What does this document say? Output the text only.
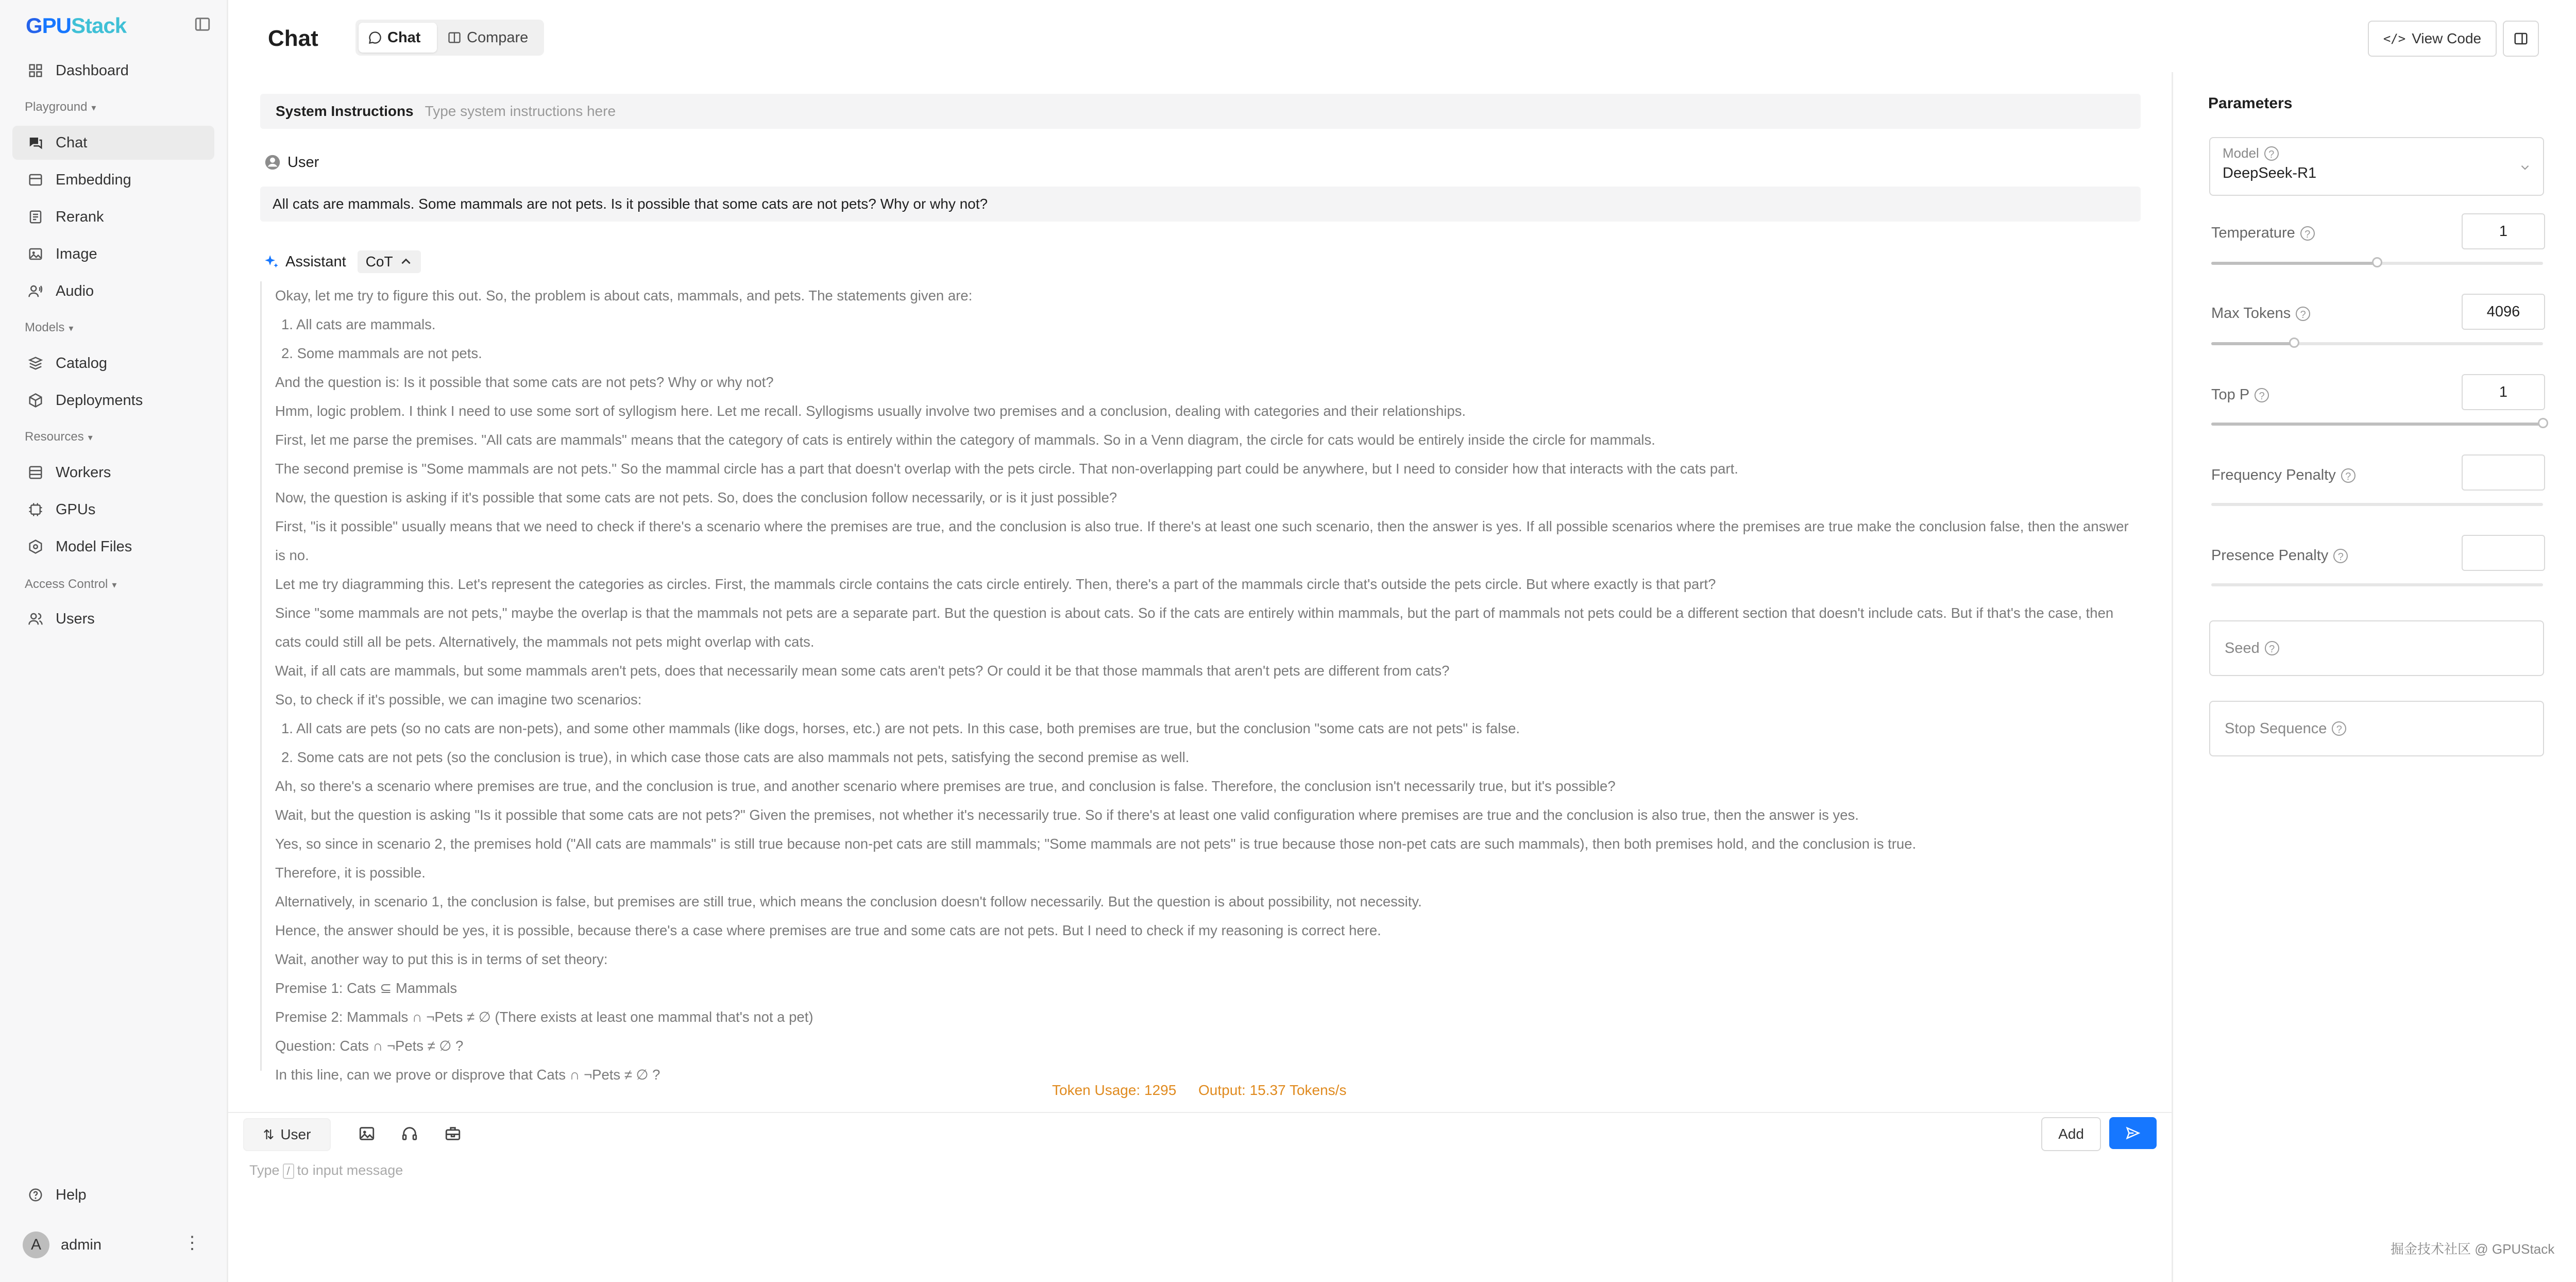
GPUStack
Dashboard
Playground ▾
Chat
Embedding
Rerank
Image
Audio
Models ▾
Catalog
Deployments
Resources ▾
Workers
GPUs
Model Files
Access Control ▾
Users
Help
A	admin	⋮
Chat	Chat	Compare	</> View Code
System Instructions Type system instructions here
User
All cats are mammals. Some mammals are not pets. Is it possible that some cats are not pets? Why or why not?
Assistant CoT

Okay, let me try to figure this out. So, the problem is about cats, mammals, and pets. The statements given are:

1. All cats are mammals.

2. Some mammals are not pets.

And the question is: Is it possible that some cats are not pets? Why or why not?

Hmm, logic problem. I think I need to use some sort of syllogism here. Let me recall. Syllogisms usually involve two premises and a conclusion, dealing with categories and their relationships.

First, let me parse the premises. "All cats are mammals" means that the category of cats is entirely within the category of mammals. So in a Venn diagram, the circle for cats would be entirely inside the circle for mammals.

The second premise is "Some mammals are not pets." So the mammal circle has a part that doesn't overlap with the pets circle. That non-overlapping part could be anywhere, but I need to consider how that interacts with the cats part.

Now, the question is asking if it's possible that some cats are not pets. So, does the conclusion follow necessarily, or is it just possible?

First, "is it possible" usually means that we need to check if there's a scenario where the premises are true, and the conclusion is also true. If there's at least one such scenario, then the answer is yes. If all possible scenarios where the premises are true make the conclusion false, then the answer is no.

Let me try diagramming this. Let's represent the categories as circles. First, the mammals circle contains the cats circle entirely. Then, there's a part of the mammals circle that's outside the pets circle. But where exactly is that part?

Since "some mammals are not pets," maybe the overlap is that the mammals not pets are a separate part. But the question is about cats. So if the cats are entirely within mammals, but the part of mammals not pets could be a different section that doesn't include cats. But if that's the case, then cats could still all be pets. Alternatively, the mammals not pets might overlap with cats.

Wait, if all cats are mammals, but some mammals aren't pets, does that necessarily mean some cats aren't pets? Or could it be that those mammals that aren't pets are different from cats?

So, to check if it's possible, we can imagine two scenarios:

1. All cats are pets (so no cats are non-pets), and some other mammals (like dogs, horses, etc.) are not pets. In this case, both premises are true, but the conclusion "some cats are not pets" is false.

2. Some cats are not pets (so the conclusion is true), in which case those cats are also mammals not pets, satisfying the second premise as well.

Ah, so there's a scenario where premises are true, and the conclusion is true, and another scenario where premises are true, and conclusion is false. Therefore, the conclusion isn't necessarily true, but it's possible?

Wait, but the question is asking "Is it possible that some cats are not pets?" Given the premises, not whether it's necessarily true. So if there's at least one valid configuration where premises are true and the conclusion is also true, then the answer is yes.

Yes, so since in scenario 2, the premises hold ("All cats are mammals" is still true because non-pet cats are still mammals; "Some mammals are not pets" is true because those non-pet cats are such mammals), then both premises hold, and the conclusion is true.

Therefore, it is possible.

Alternatively, in scenario 1, the conclusion is false, but premises are still true, which means the conclusion doesn't follow necessarily. But the question is about possibility, not necessity.

Hence, the answer should be yes, it is possible, because there's a case where premises are true and some cats are not pets. But I need to check if my reasoning is correct here.

Wait, another way to put this is in terms of set theory:

Premise 1: Cats ⊆ Mammals

Premise 2: Mammals ∩ ¬Pets ≠ ∅ (There exists at least one mammal that's not a pet)

Question: Cats ∩ ¬Pets ≠ ∅ ?

In this line, can we prove or disprove that Cats ∩ ¬Pets ≠ ∅ ?

Token Usage: 1295 Output: 15.37 Tokens/s
⇅ User	Add
Type / to input message
Parameters
Model ?
DeepSeek-R1
Temperature ?	1
Max Tokens ?	4096
Top P ?	1
Frequency Penalty ?
Presence Penalty ?
Seed ?
Stop Sequence ?
掘金技术社区 @ GPUStack
